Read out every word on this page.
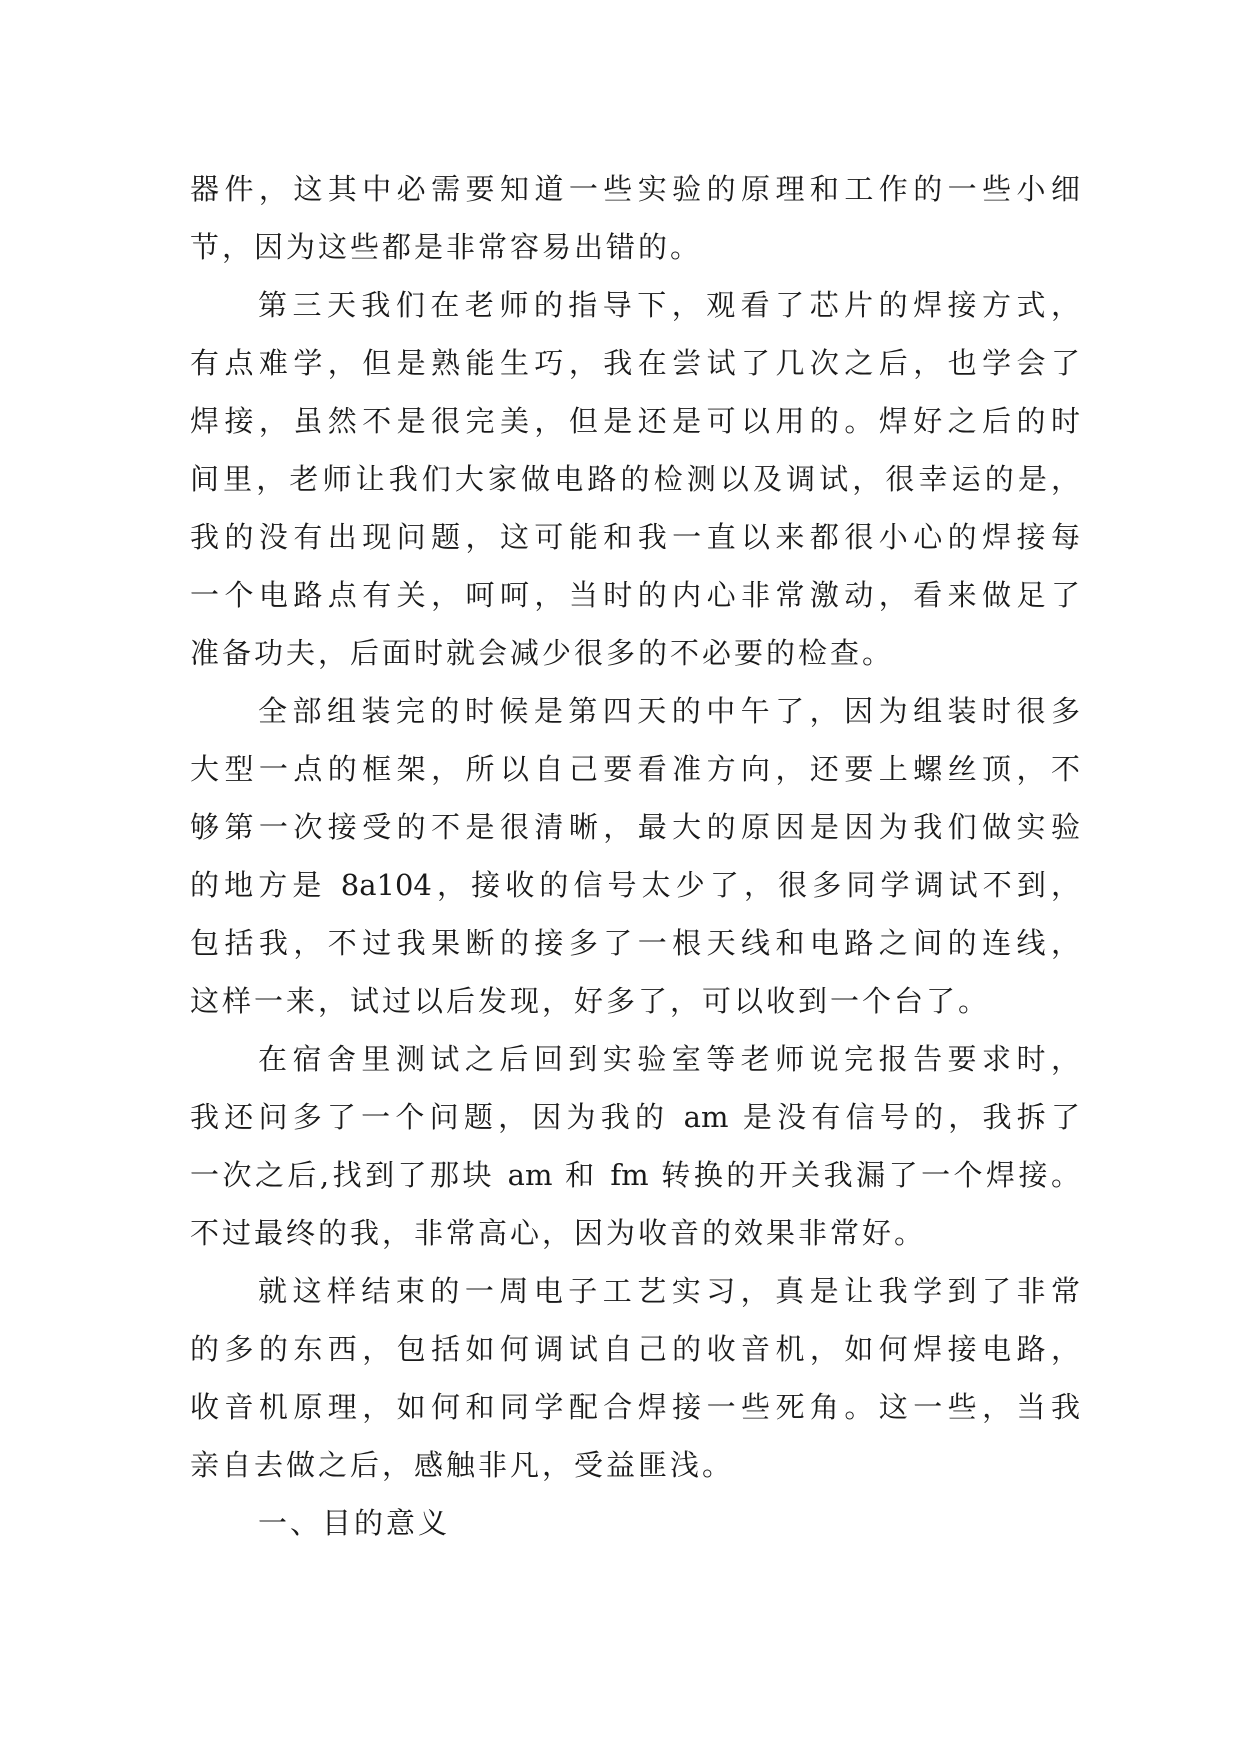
器件，这其中必需要知道一些实验的原理和工作的一些小细
节，因为这些都是非常容易出错的。
第三天我们在老师的指导下，观看了芯片的焊接方式，
有点难学，但是熟能生巧，我在尝试了几次之后，也学会了
焊接，虽然不是很完美，但是还是可以用的。焊好之后的时
间里，老师让我们大家做电路的检测以及调试，很幸运的是，
我的没有出现问题，这可能和我一直以来都很小心的焊接每
一个电路点有关，呵呵，当时的内心非常激动，看来做足了
准备功夫，后面时就会减少很多的不必要的检查。
全部组装完的时候是第四天的中午了，因为组装时很多
大型一点的框架，所以自己要看准方向，还要上螺丝顶，不
够第一次接受的不是很清晰，最大的原因是因为我们做实验
的地方是 8a104，接收的信号太少了，很多同学调试不到，
包括我，不过我果断的接多了一根天线和电路之间的连线，
这样一来，试过以后发现，好多了，可以收到一个台了。
在宿舍里测试之后回到实验室等老师说完报告要求时，
我还问多了一个问题，因为我的 am 是没有信号的，我拆了
一次之后,找到了那块 am 和 fm 转换的开关我漏了一个焊接。
不过最终的我，非常高心，因为收音的效果非常好。
就这样结束的一周电子工艺实习，真是让我学到了非常
的多的东西，包括如何调试自己的收音机，如何焊接电路，
收音机原理，如何和同学配合焊接一些死角。这一些，当我
亲自去做之后，感触非凡，受益匪浅。
一、目的意义
